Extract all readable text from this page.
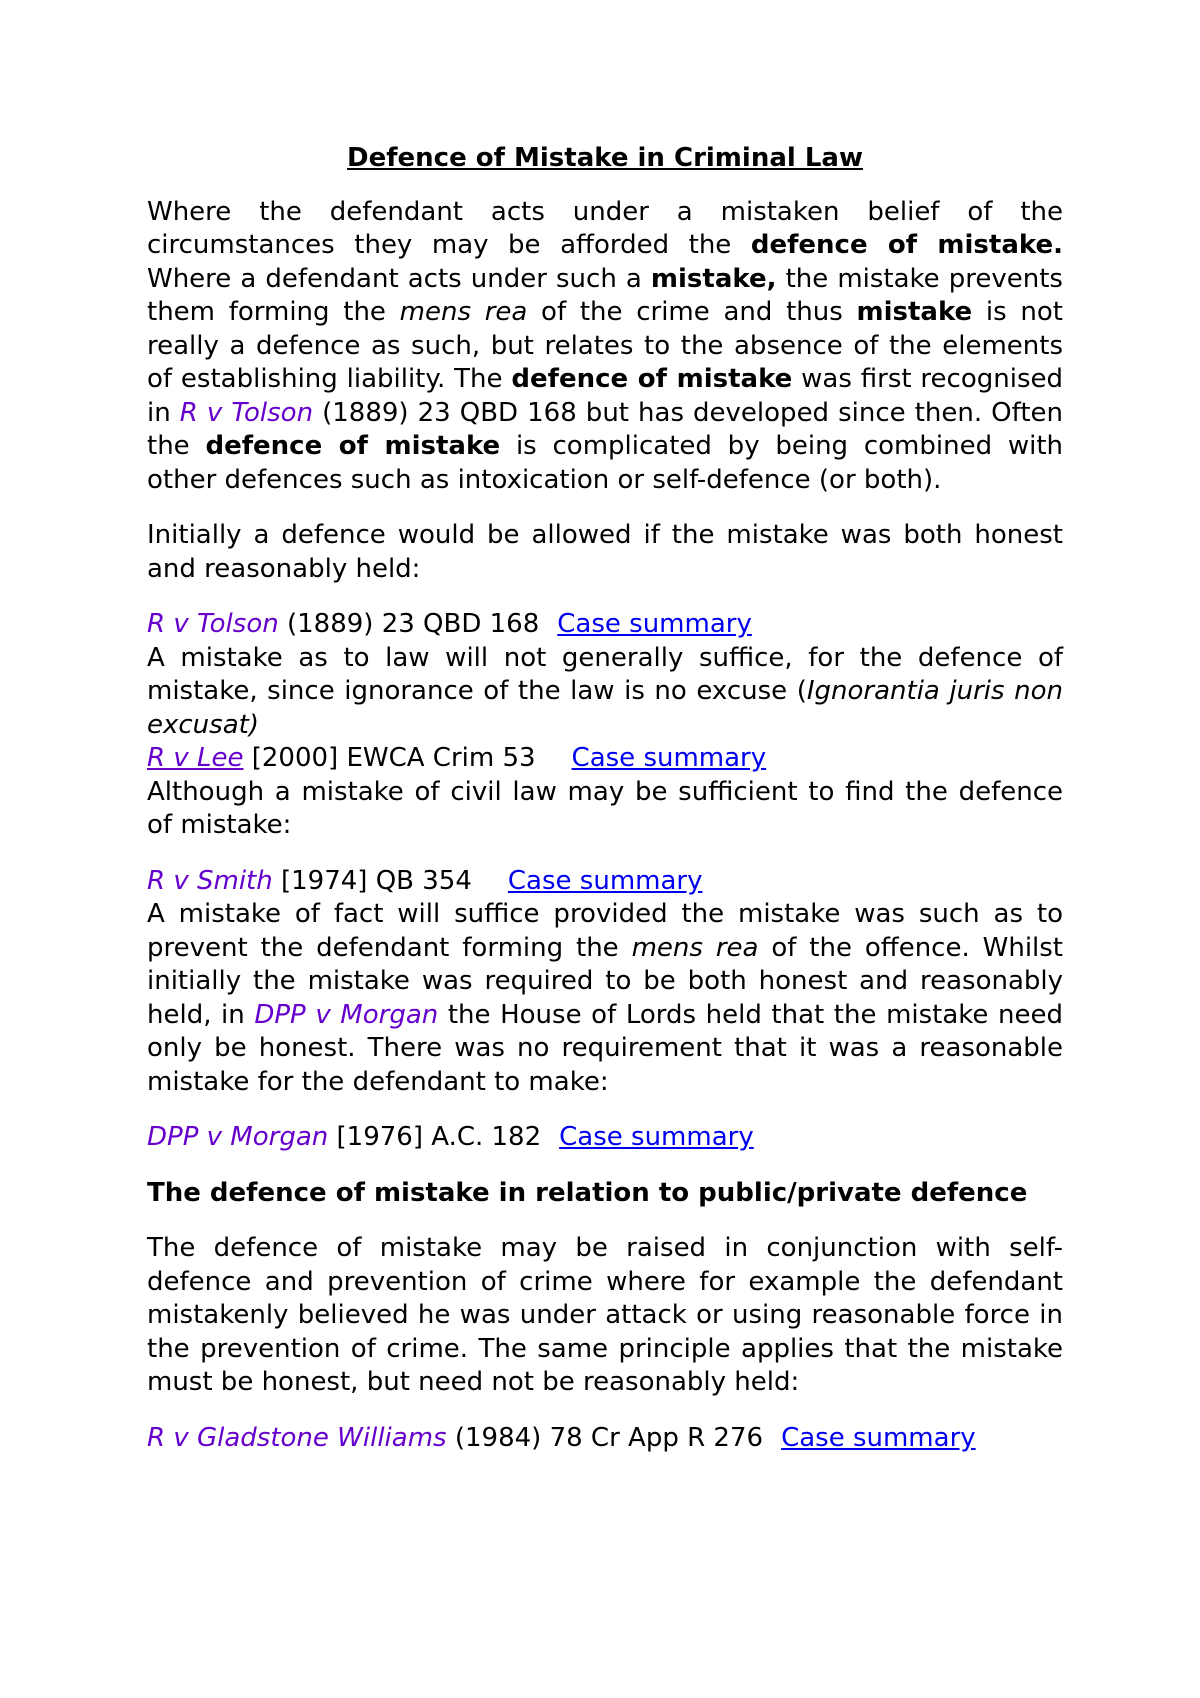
Defence of Mistake in Criminal Law
Where the defendant acts under a mistaken belief of the circumstances they may be afforded the defence of mistake. Where a defendant acts under such a mistake, the mistake prevents them forming the mens rea of the crime and thus mistake is not really a defence as such, but relates to the absence of the elements of establishing liability. The defence of mistake was first recognised in R v Tolson (1889) 23 QBD 168 but has developed since then. Often the defence of mistake is complicated by being combined with other defences such as intoxication or self-defence (or both).
Initially a defence would be allowed if the mistake was both honest and reasonably held:
R v Tolson (1889) 23 QBD 168 Case summary
A mistake as to law will not generally suffice, for the defence of mistake, since ignorance of the law is no excuse (Ignorantia juris non excusat)
R v Lee [2000] EWCA Crim 53 Case summary
Although a mistake of civil law may be sufficient to find the defence of mistake:
R v Smith [1974] QB 354 Case summary
A mistake of fact will suffice provided the mistake was such as to prevent the defendant forming the mens rea of the offence. Whilst initially the mistake was required to be both honest and reasonably held, in DPP v Morgan the House of Lords held that the mistake need only be honest. There was no requirement that it was a reasonable mistake for the defendant to make:
DPP v Morgan [1976] A.C. 182 Case summary
The defence of mistake in relation to public/private defence
The defence of mistake may be raised in conjunction with self-defence and prevention of crime where for example the defendant mistakenly believed he was under attack or using reasonable force in the prevention of crime. The same principle applies that the mistake must be honest, but need not be reasonably held:
R v Gladstone Williams (1984) 78 Cr App R 276 Case summary
